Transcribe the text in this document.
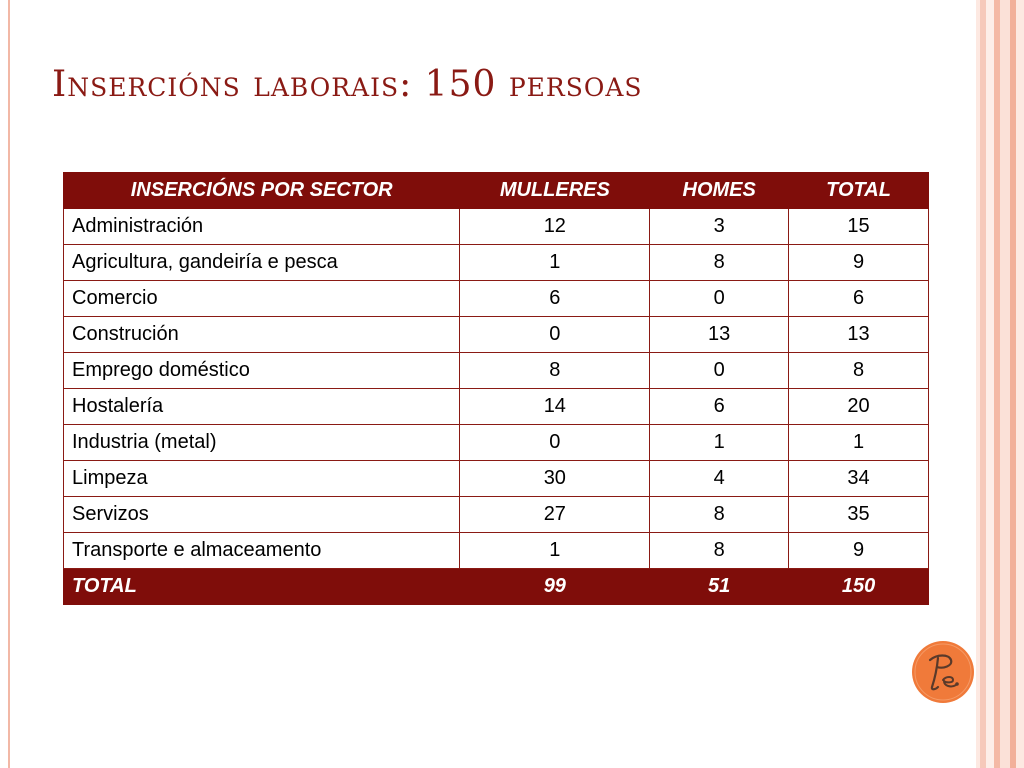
Insercións laborais: 150 persoas
INSERCIÓNS POR SECTOR	MULLERES	HOMES	TOTAL
Administración	12	3	15
Agricultura, gandeiría e pesca	1	8	9
Comercio	6	0	6
Construción	0	13	13
Emprego doméstico	8	0	8
Hostalería	14	6	20
Industria (metal)	0	1	1
Limpeza	30	4	34
Servizos	27	8	35
Transporte e almaceamento	1	8	9
TOTAL	99	51	150
